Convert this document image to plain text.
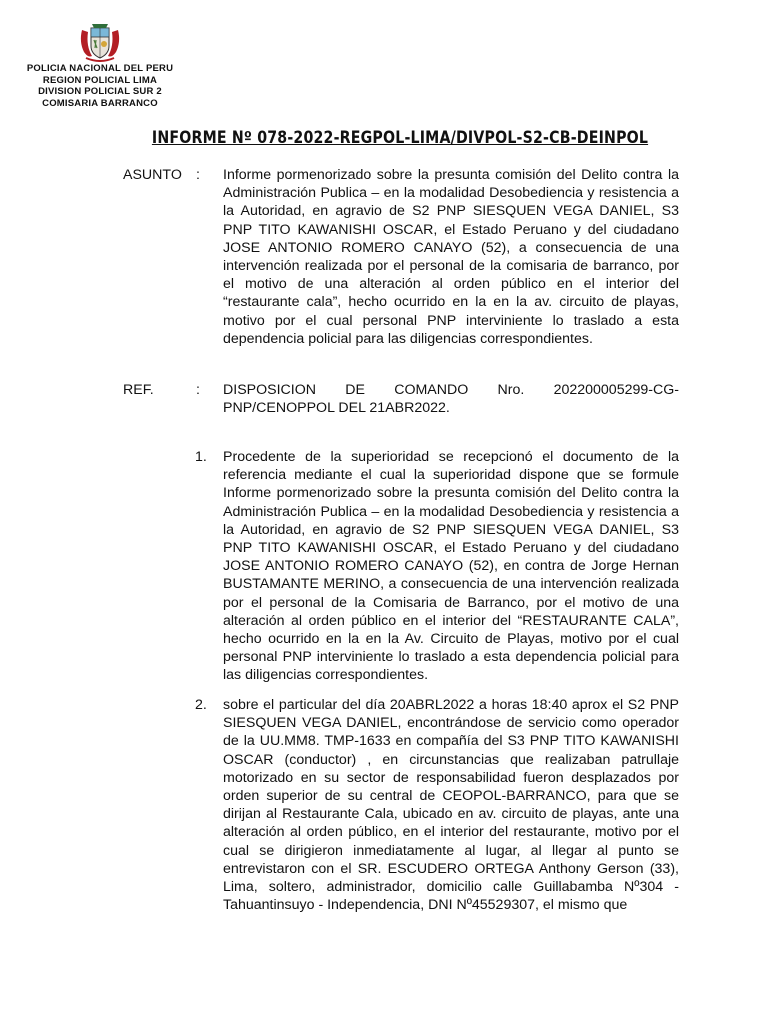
POLICIA NACIONAL DEL PERU
REGION POLICIAL LIMA
DIVISION POLICIAL SUR 2
COMISARIA BARRANCO
INFORME Nº 078-2022-REGPOL-LIMA/DIVPOL-S2-CB-DEINPOL
ASUNTO : Informe pormenorizado sobre la presunta comisión del Delito contra la Administración Publica – en la modalidad Desobediencia y resistencia a la Autoridad, en agravio de S2 PNP SIESQUEN VEGA DANIEL, S3 PNP TITO KAWANISHI OSCAR, el Estado Peruano y del ciudadano JOSE ANTONIO ROMERO CANAYO (52), a consecuencia de una intervención realizada por el personal de la comisaria de barranco, por el motivo de una alteración al orden público en el interior del “restaurante cala”, hecho ocurrido en la en la av. circuito de playas, motivo por el cual personal PNP interviniente lo traslado a esta dependencia policial para las diligencias correspondientes.
REF.	: DISPOSICION DE COMANDO Nro. 202200005299-CG-PNP/CENOPPOL DEL 21ABR2022.
1. Procedente de la superioridad se recepcionó el documento de la referencia mediante el cual la superioridad dispone que se formule Informe pormenorizado sobre la presunta comisión del Delito contra la Administración Publica – en la modalidad Desobediencia y resistencia a la Autoridad, en agravio de S2 PNP SIESQUEN VEGA DANIEL, S3 PNP TITO KAWANISHI OSCAR, el Estado Peruano y del ciudadano JOSE ANTONIO ROMERO CANAYO (52), en contra de Jorge Hernan BUSTAMANTE MERINO, a consecuencia de una intervención realizada por el personal de la Comisaria de Barranco, por el motivo de una alteración al orden público en el interior del “RESTAURANTE CALA”, hecho ocurrido en la en la Av. Circuito de Playas, motivo por el cual personal PNP interviniente lo traslado a esta dependencia policial para las diligencias correspondientes.
2. sobre el particular del día 20ABRL2022 a horas 18:40 aprox el S2 PNP SIESQUEN VEGA DANIEL, encontrándose de servicio como operador de la UU.MM8. TMP-1633 en compañía del S3 PNP TITO KAWANISHI OSCAR (conductor) , en circunstancias que realizaban patrullaje motorizado en su sector de responsabilidad fueron desplazados por orden superior de su central de CEOPOL-BARRANCO, para que se dirijan al Restaurante Cala, ubicado en av. circuito de playas, ante una alteración al orden público, en el interior del restaurante, motivo por el cual se dirigieron inmediatamente al lugar, al llegar al punto se entrevistaron con el SR. ESCUDERO ORTEGA Anthony Gerson (33), Lima, soltero, administrador, domicilio calle Guillabamba Nº304 - Tahuantinsuyo - Independencia, DNI Nº45529307, el mismo que
